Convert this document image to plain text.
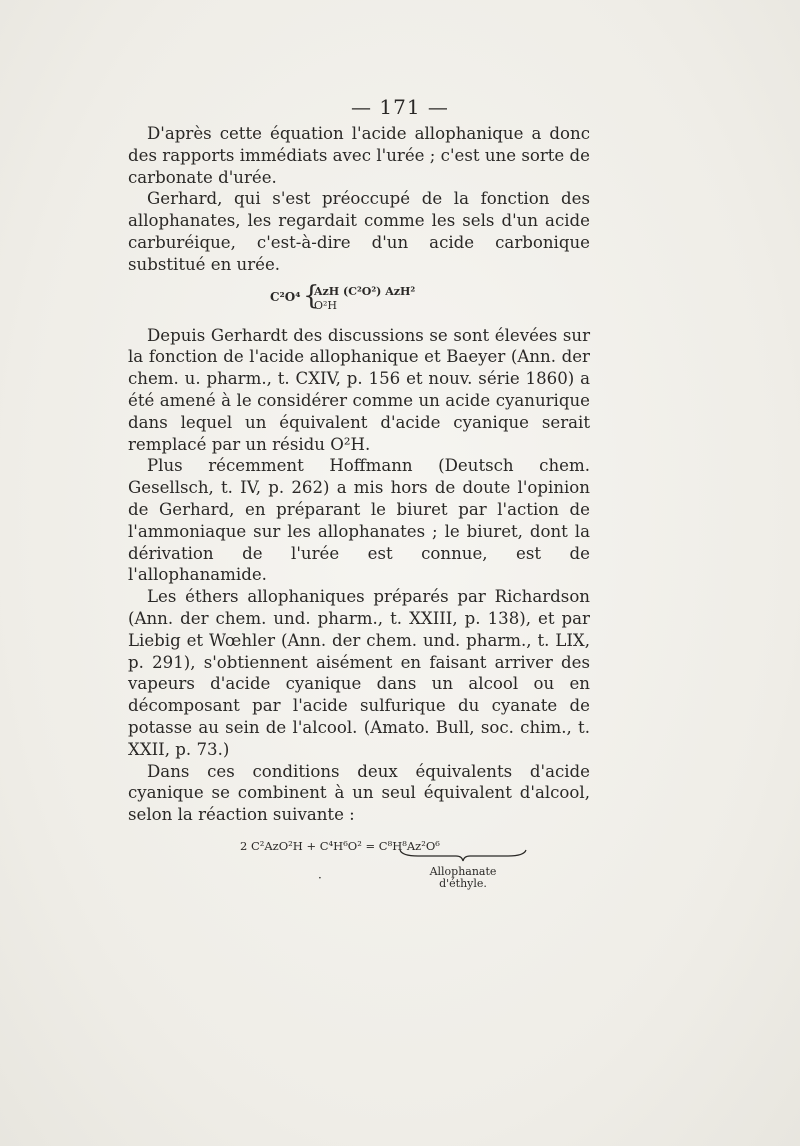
— 171 —

D'après cette équation l'acide allophanique a donc des rapports immédiats avec l'urée ; c'est une sorte de carbonate d'urée.

Gerhard, qui s'est préoccupé de la fonction des allophanates, les regardait comme les sels d'un acide carburéique, c'est-à-dire d'un acide carbonique substitué en urée.

C²O⁴ {
AzH (C²O²) AzH²
O²H

Depuis Gerhardt des discussions se sont élevées sur la fonction de l'acide allophanique et Baeyer (Ann. der chem. u. pharm., t. CXIV, p. 156 et nouv. série 1860) a été amené à le considérer comme un acide cyanurique dans lequel un équivalent d'acide cyanique serait remplacé par un résidu O²H.

Plus récemment Hoffmann (Deutsch chem. Gesellsch, t. IV, p. 262) a mis hors de doute l'opinion de Gerhard, en préparant le biuret par l'action de l'ammoniaque sur les allophanates ; le biuret, dont la dérivation de l'urée est connue, est de l'allophanamide.

Les éthers allophaniques préparés par Richardson (Ann. der chem. und. pharm., t. XXIII, p. 138), et par Liebig et Wœhler (Ann. der chem. und. pharm., t. LIX, p. 291), s'obtiennent aisément en faisant arriver des vapeurs d'acide cyanique dans un alcool ou en décomposant par l'acide sulfurique du cyanate de potasse au sein de l'alcool. (Amato. Bull, soc. chim., t. XXII, p. 73.)

Dans ces conditions deux équivalents d'acide cyanique se combinent à un seul équivalent d'alcool, selon la réaction suivante :

2 C²AzO²H + C⁴H⁶O² = C⁸H⁸Az²O⁶
·	Allophanate
d'éthyle.
